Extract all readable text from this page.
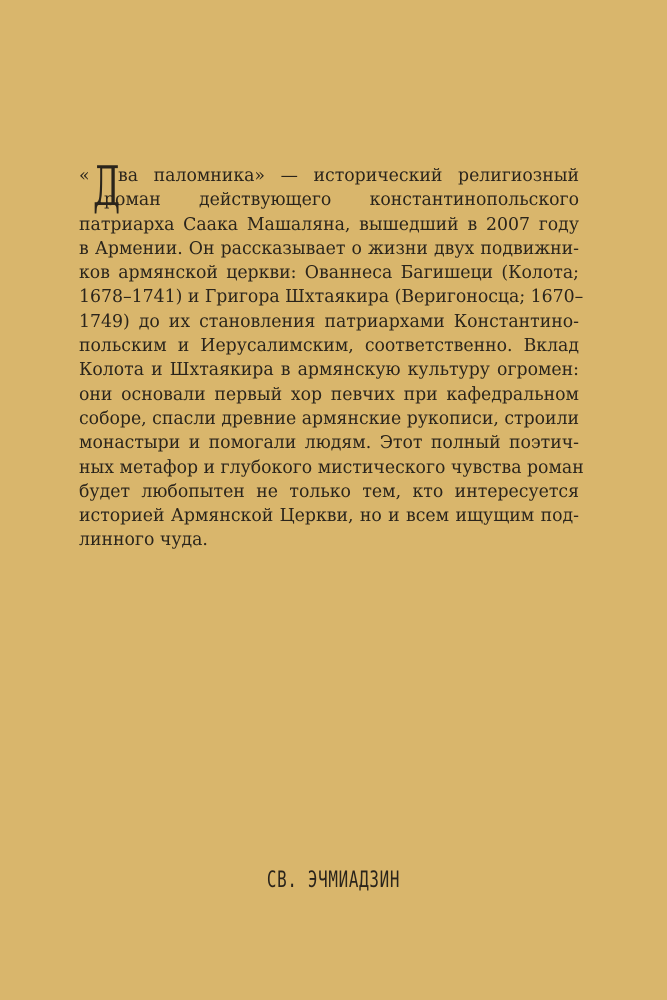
« Д
ва паломника» — исторический религиозный
роман действующего константинопольского
патриарха Саака Машаляна, вышедший в 2007 году
в Армении. Он рассказывает о жизни двух подвижни-
ков армянской церкви: Ованнеса Багишеци (Колота;
1678–1741) и Григора Шхтаякира (Веригоносца; 1670–
1749) до их становления патриархами Константино-
польским и Иерусалимским, соответственно. Вклад
Колота и Шхтаякира в армянскую культуру огромен:
они основали первый хор певчих при кафедральном
соборе, спасли древние армянские рукописи, строили
монастыри и помогали людям. Этот полный поэтич-
ных метафор и глубокого мистического чувства роман
будет любопытен не только тем, кто интересуется
историей Армянской Церкви, но и всем ищущим под-
линного чуда.
СВ. ЭЧМИАДЗИН
